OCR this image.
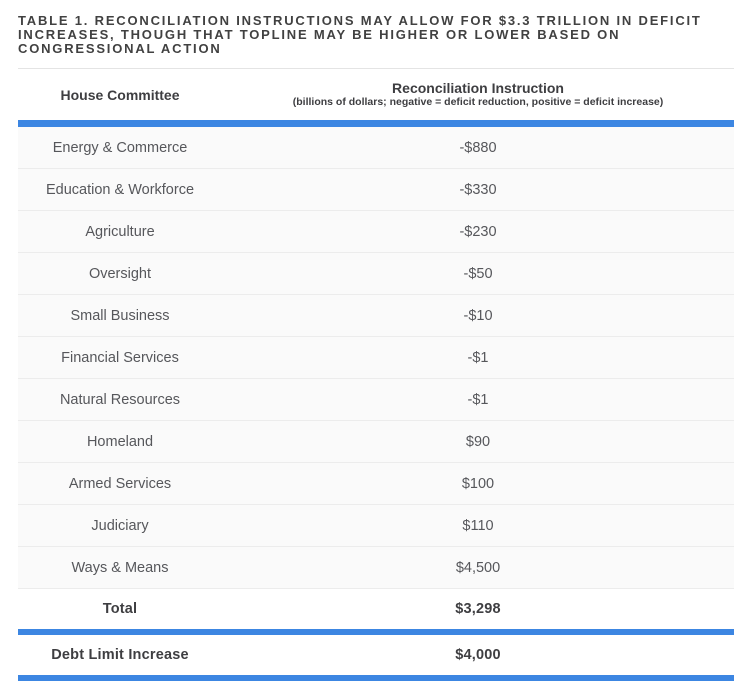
TABLE 1. RECONCILIATION INSTRUCTIONS MAY ALLOW FOR $3.3 TRILLION IN DEFICIT INCREASES, THOUGH THAT TOPLINE MAY BE HIGHER OR LOWER BASED ON CONGRESSIONAL ACTION
House Committee	Reconciliation Instruction
(billions of dollars; negative = deficit reduction, positive = deficit increase)
Energy & Commerce	-$880
Education & Workforce	-$330
Agriculture	-$230
Oversight	-$50
Small Business	-$10
Financial Services	-$1
Natural Resources	-$1
Homeland	$90
Armed Services	$100
Judiciary	$110
Ways & Means	$4,500
Total	$3,298
Debt Limit Increase	$4,000
